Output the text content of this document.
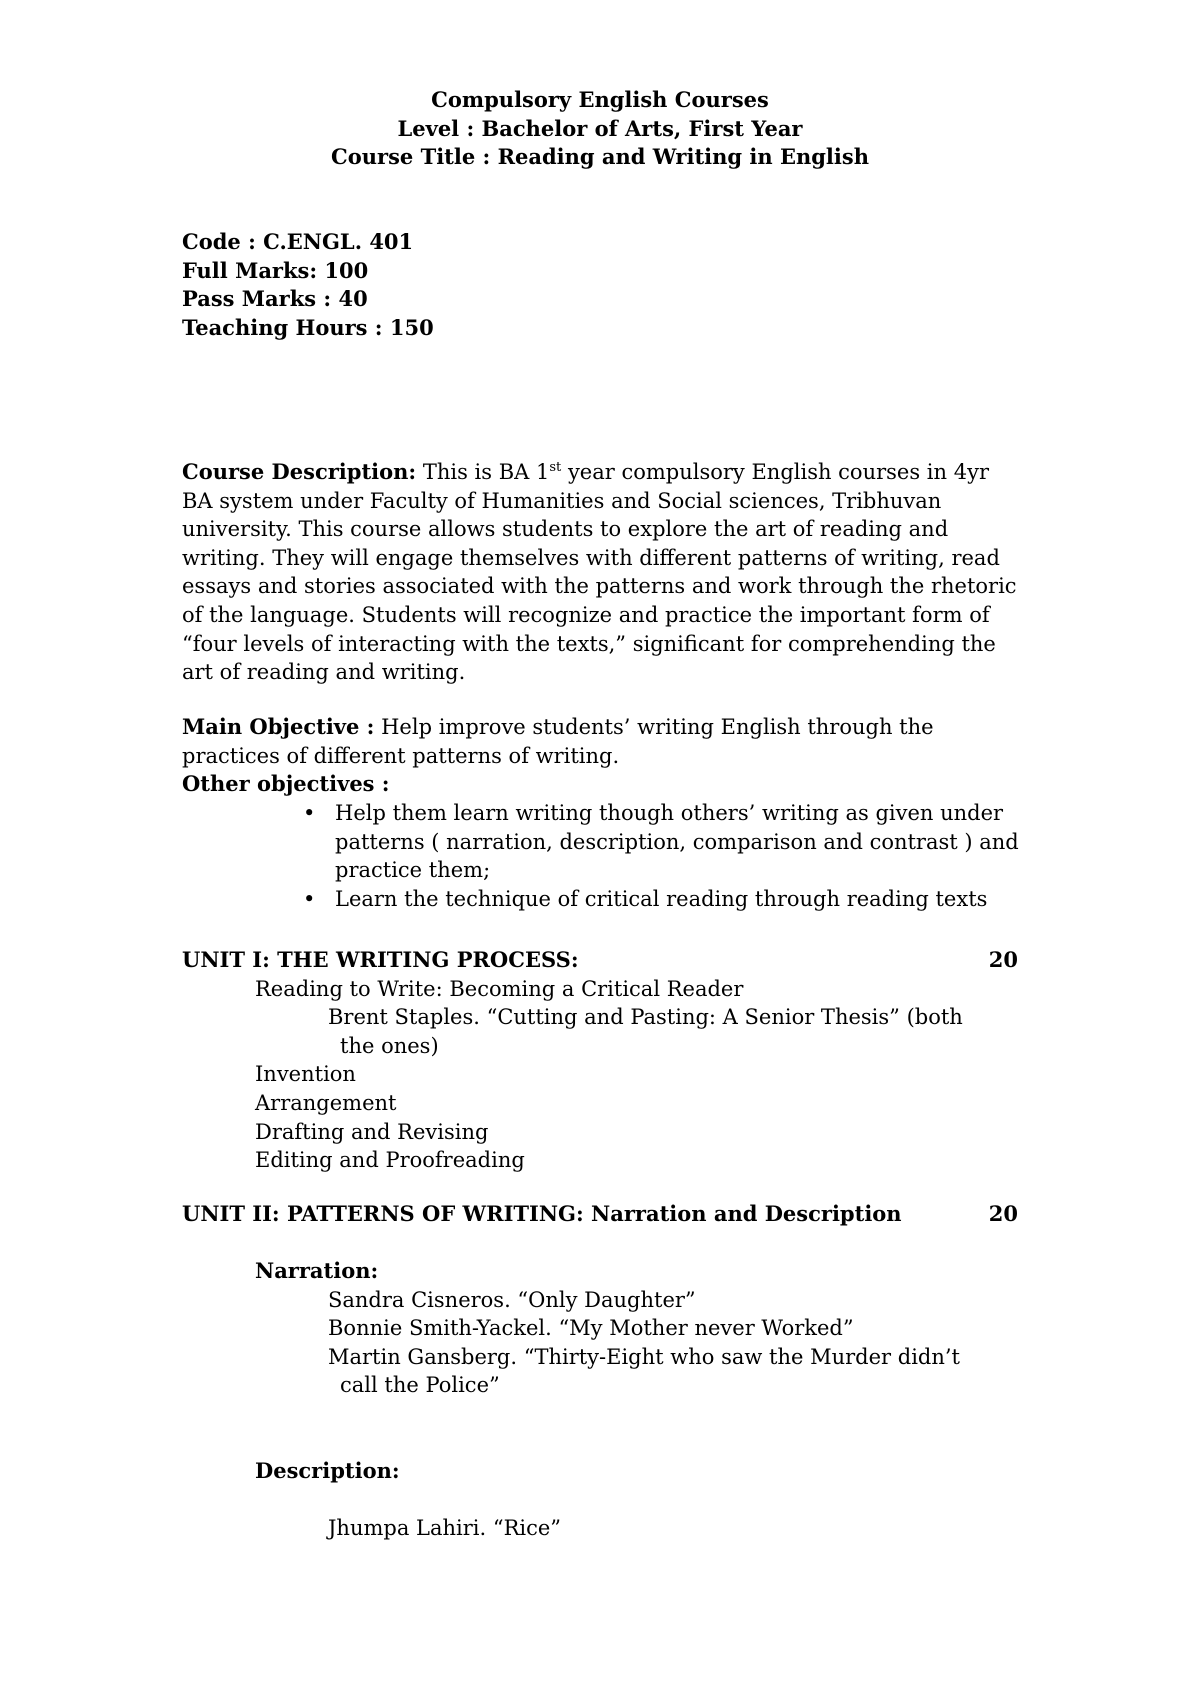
Compulsory English Courses
Level : Bachelor of Arts, First Year
Course Title : Reading and Writing in English
Code : C.ENGL. 401
Full Marks: 100
Pass Marks : 40
Teaching Hours : 150

Course Description: This is BA 1st year compulsory English courses in 4yr BA system under Faculty of Humanities and Social sciences, Tribhuvan university. This course allows students to explore the art of reading and writing. They will engage themselves with different patterns of writing, read essays and stories associated with the patterns and work through the rhetoric of the language. Students will recognize and practice the important form of “four levels of interacting with the texts,” significant for comprehending the art of reading and writing.

Main Objective : Help improve students’ writing English through the practices of different patterns of writing.

Other objectives :

• Help them learn writing though others’ writing as given under patterns ( narration, description, comparison and contrast ) and practice them;
• Learn the technique of critical reading through reading texts
UNIT I: THE WRITING PROCESS:	20
Reading to Write: Becoming a Critical Reader
Brent Staples. “Cutting and Pasting: A Senior Thesis” (both
the ones)
Invention
Arrangement
Drafting and Revising
Editing and Proofreading
UNIT II: PATTERNS OF WRITING: Narration and Description	20
Narration:
Sandra Cisneros. “Only Daughter”
Bonnie Smith-Yackel. “My Mother never Worked”
Martin Gansberg. “Thirty-Eight who saw the Murder didn’t
call the Police”
Description:
Jhumpa Lahiri. “Rice”
